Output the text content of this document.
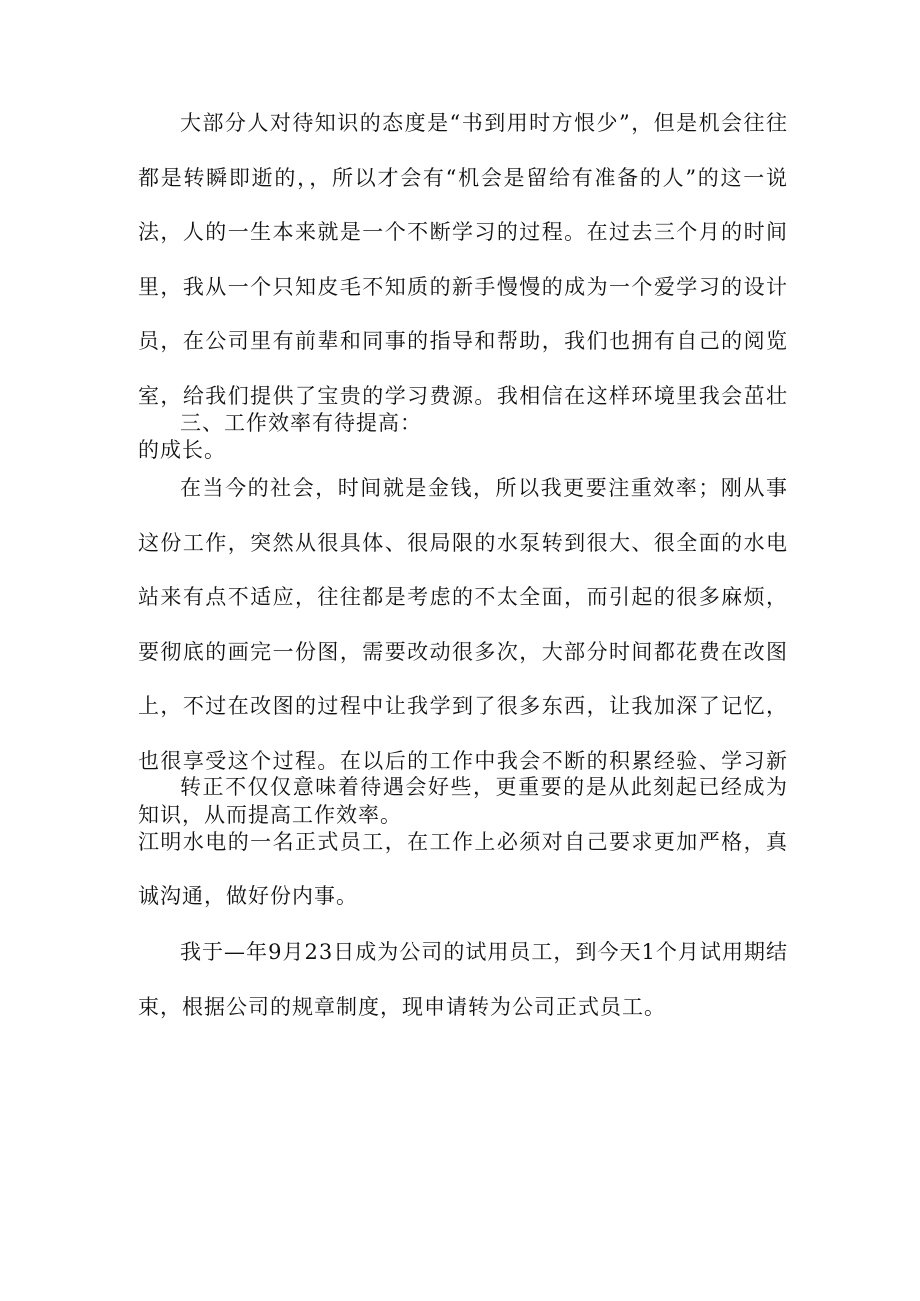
大部分人对待知识的态度是“书到用时方恨少”，但是机会往往都是转瞬即逝的，，所以才会有“机会是留给有准备的人”的这一说法，人的一生本来就是一个不断学习的过程。在过去三个月的时间里，我从一个只知皮毛不知质的新手慢慢的成为一个爱学习的设计员，在公司里有前辈和同事的指导和帮助，我们也拥有自己的阅览室，给我们提供了宝贵的学习费源。我相信在这样环境里我会茁壮的成长。

三、工作效率有待提高：

在当今的社会，时间就是金钱，所以我更要注重效率；刚从事这份工作，突然从很具体、很局限的水泵转到很大、很全面的水电站来有点不适应，往往都是考虑的不太全面，而引起的很多麻烦，要彻底的画完一份图，需要改动很多次，大部分时间都花费在改图上，不过在改图的过程中让我学到了很多东西，让我加深了记忆，也很享受这个过程。在以后的工作中我会不断的积累经验、学习新知识，从而提高工作效率。

转正不仅仅意味着待遇会好些，更重要的是从此刻起已经成为江明水电的一名正式员工，在工作上必须对自己要求更加严格，真诚沟通，做好份内事。

我于—年9月23日成为公司的试用员工，到今天1个月试用期结束，根据公司的规章制度，现申请转为公司正式员工。
